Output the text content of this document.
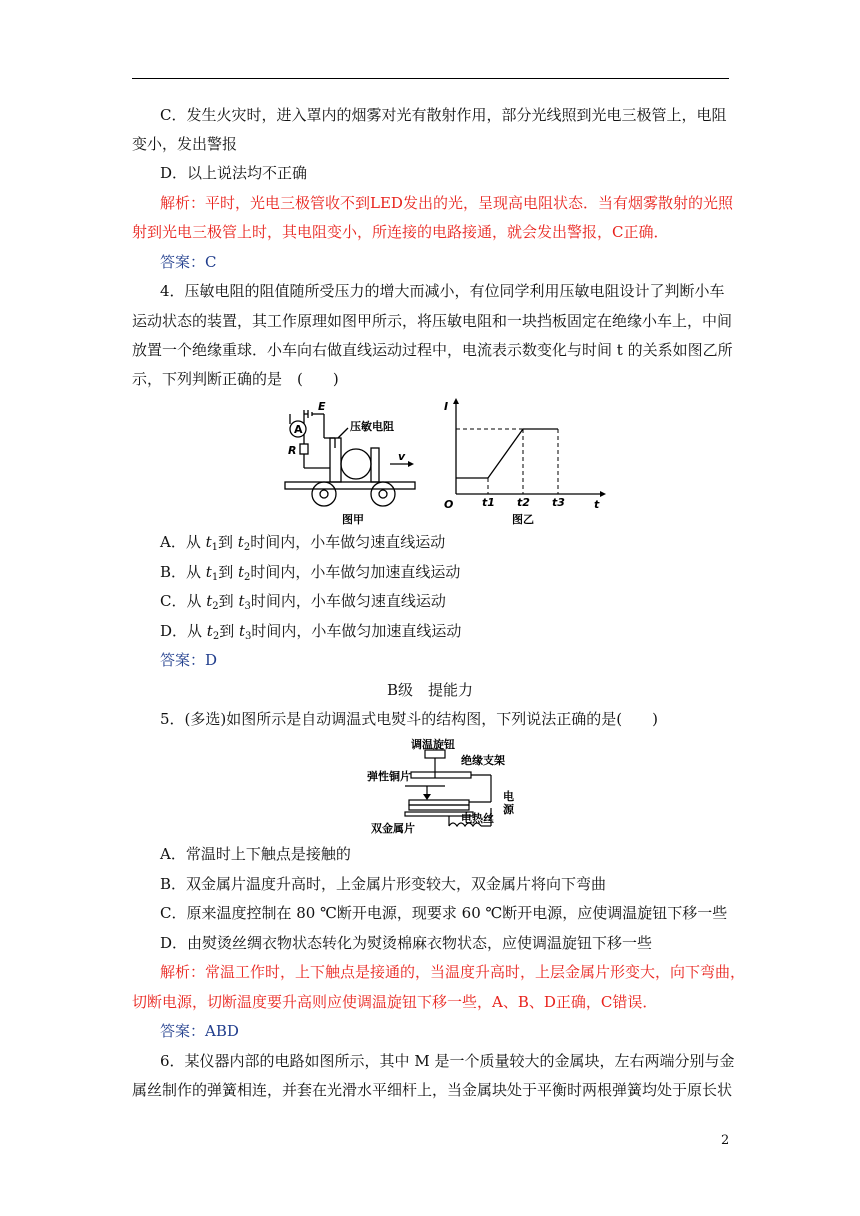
C．发生火灾时，进入罩内的烟雾对光有散射作用，部分光线照到光电三极管上，电阻
变小，发出警报
D．以上说法均不正确
解析：平时，光电三极管收不到LED发出的光，呈现高电阻状态．当有烟雾散射的光照
射到光电三极管上时，其电阻变小，所连接的电路接通，就会发出警报，C正确．
答案：C
4．压敏电阻的阻值随所受压力的增大而减小，有位同学利用压敏电阻设计了判断小车
运动状态的装置，其工作原理如图甲所示，将压敏电阻和一块挡板固定在绝缘小车上，中间
放置一个绝缘重球．小车向右做直线运动过程中，电流表示数变化与时间 t 的关系如图乙所
示，下列判断正确的是　(　　)
E
A
R	v
压敏电阻
图甲
I
O	t1 t2 t3	t
图乙
A．从 $t_1$到 $t_2$时间内，小车做匀速直线运动
B．从 $t_1$到 $t_2$时间内，小车做匀加速直线运动
C．从 $t_2$到 $t_3$时间内，小车做匀速直线运动
D．从 $t_2$到 $t_3$时间内，小车做匀加速直线运动
答案：D
B级　提能力
5．(多选)如图所示是自动调温式电熨斗的结构图，下列说法正确的是(　　)
调温旋钮
绝缘支架
弹性铜片
电
源
双金属片
电热丝
A．常温时上下触点是接触的
B．双金属片温度升高时，上金属片形变较大，双金属片将向下弯曲
C．原来温度控制在 80 ℃断开电源，现要求 60 ℃断开电源，应使调温旋钮下移一些
D．由熨烫丝绸衣物状态转化为熨烫棉麻衣物状态，应使调温旋钮下移一些
解析：常温工作时，上下触点是接通的，当温度升高时，上层金属片形变大，向下弯曲，
切断电源，切断温度要升高则应使调温旋钮下移一些，A、B、D正确，C错误．
答案：ABD
6．某仪器内部的电路如图所示，其中 M 是一个质量较大的金属块，左右两端分别与金
属丝制作的弹簧相连，并套在光滑水平细杆上，当金属块处于平衡时两根弹簧均处于原长状
2
